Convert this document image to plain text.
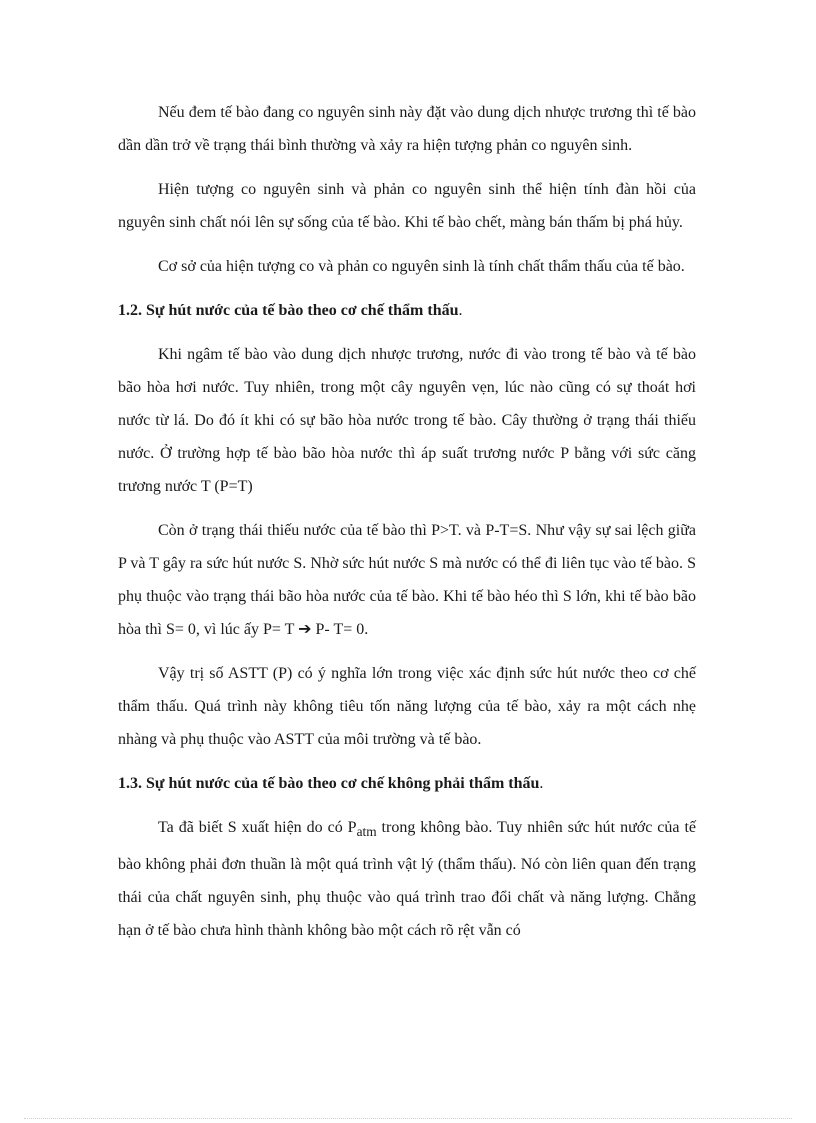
Nếu đem tế bào đang co nguyên sinh này đặt vào dung dịch nhược trương thì tế bào dần dần trở về trạng thái bình thường và xảy ra hiện tượng phản co nguyên sinh.

Hiện tượng co nguyên sinh và phản co nguyên sinh thể hiện tính đàn hồi của nguyên sinh chất nói lên sự sống của tế bào. Khi tế bào chết, màng bán thấm bị phá hủy.

Cơ sở của hiện tượng co và phản co nguyên sinh là tính chất thẩm thấu của tế bào.

1.2. Sự hút nước của tế bào theo cơ chế thẩm thấu.

Khi ngâm tế bào vào dung dịch nhược trương, nước đi vào trong tế bào và tế bào bão hòa hơi nước. Tuy nhiên, trong một cây nguyên vẹn, lúc nào cũng có sự thoát hơi nước từ lá. Do đó ít khi có sự bão hòa nước trong tế bào. Cây thường ở trạng thái thiếu nước. Ở trường hợp tế bào bão hòa nước thì áp suất trương nước P bằng với sức căng trương nước T (P=T)

Còn ở trạng thái thiếu nước của tế bào thì P>T. và P-T=S. Như vậy sự sai lệch giữa P và T gây ra sức hút nước S. Nhờ sức hút nước S mà nước có thể đi liên tục vào tế bào. S phụ thuộc vào trạng thái bão hòa nước của tế bào. Khi tế bào héo thì S lớn, khi tế bào bão hòa thì S= 0, vì lúc ấy P= T ➔ P- T= 0.

Vậy trị số ASTT (P) có ý nghĩa lớn trong việc xác định sức hút nước theo cơ chế thẩm thấu. Quá trình này không tiêu tốn năng lượng của tế bào, xảy ra một cách nhẹ nhàng và phụ thuộc vào ASTT của môi trường và tế bào.

1.3. Sự hút nước của tế bào theo cơ chế không phải thẩm thấu.

Ta đã biết S xuất hiện do có $P_{atm}$ trong không bào. Tuy nhiên sức hút nước của tế bào không phải đơn thuần là một quá trình vật lý (thẩm thấu). Nó còn liên quan đến trạng thái của chất nguyên sinh, phụ thuộc vào quá trình trao đổi chất và năng lượng. Chẳng hạn ở tế bào chưa hình thành không bào một cách rõ rệt vẫn có
